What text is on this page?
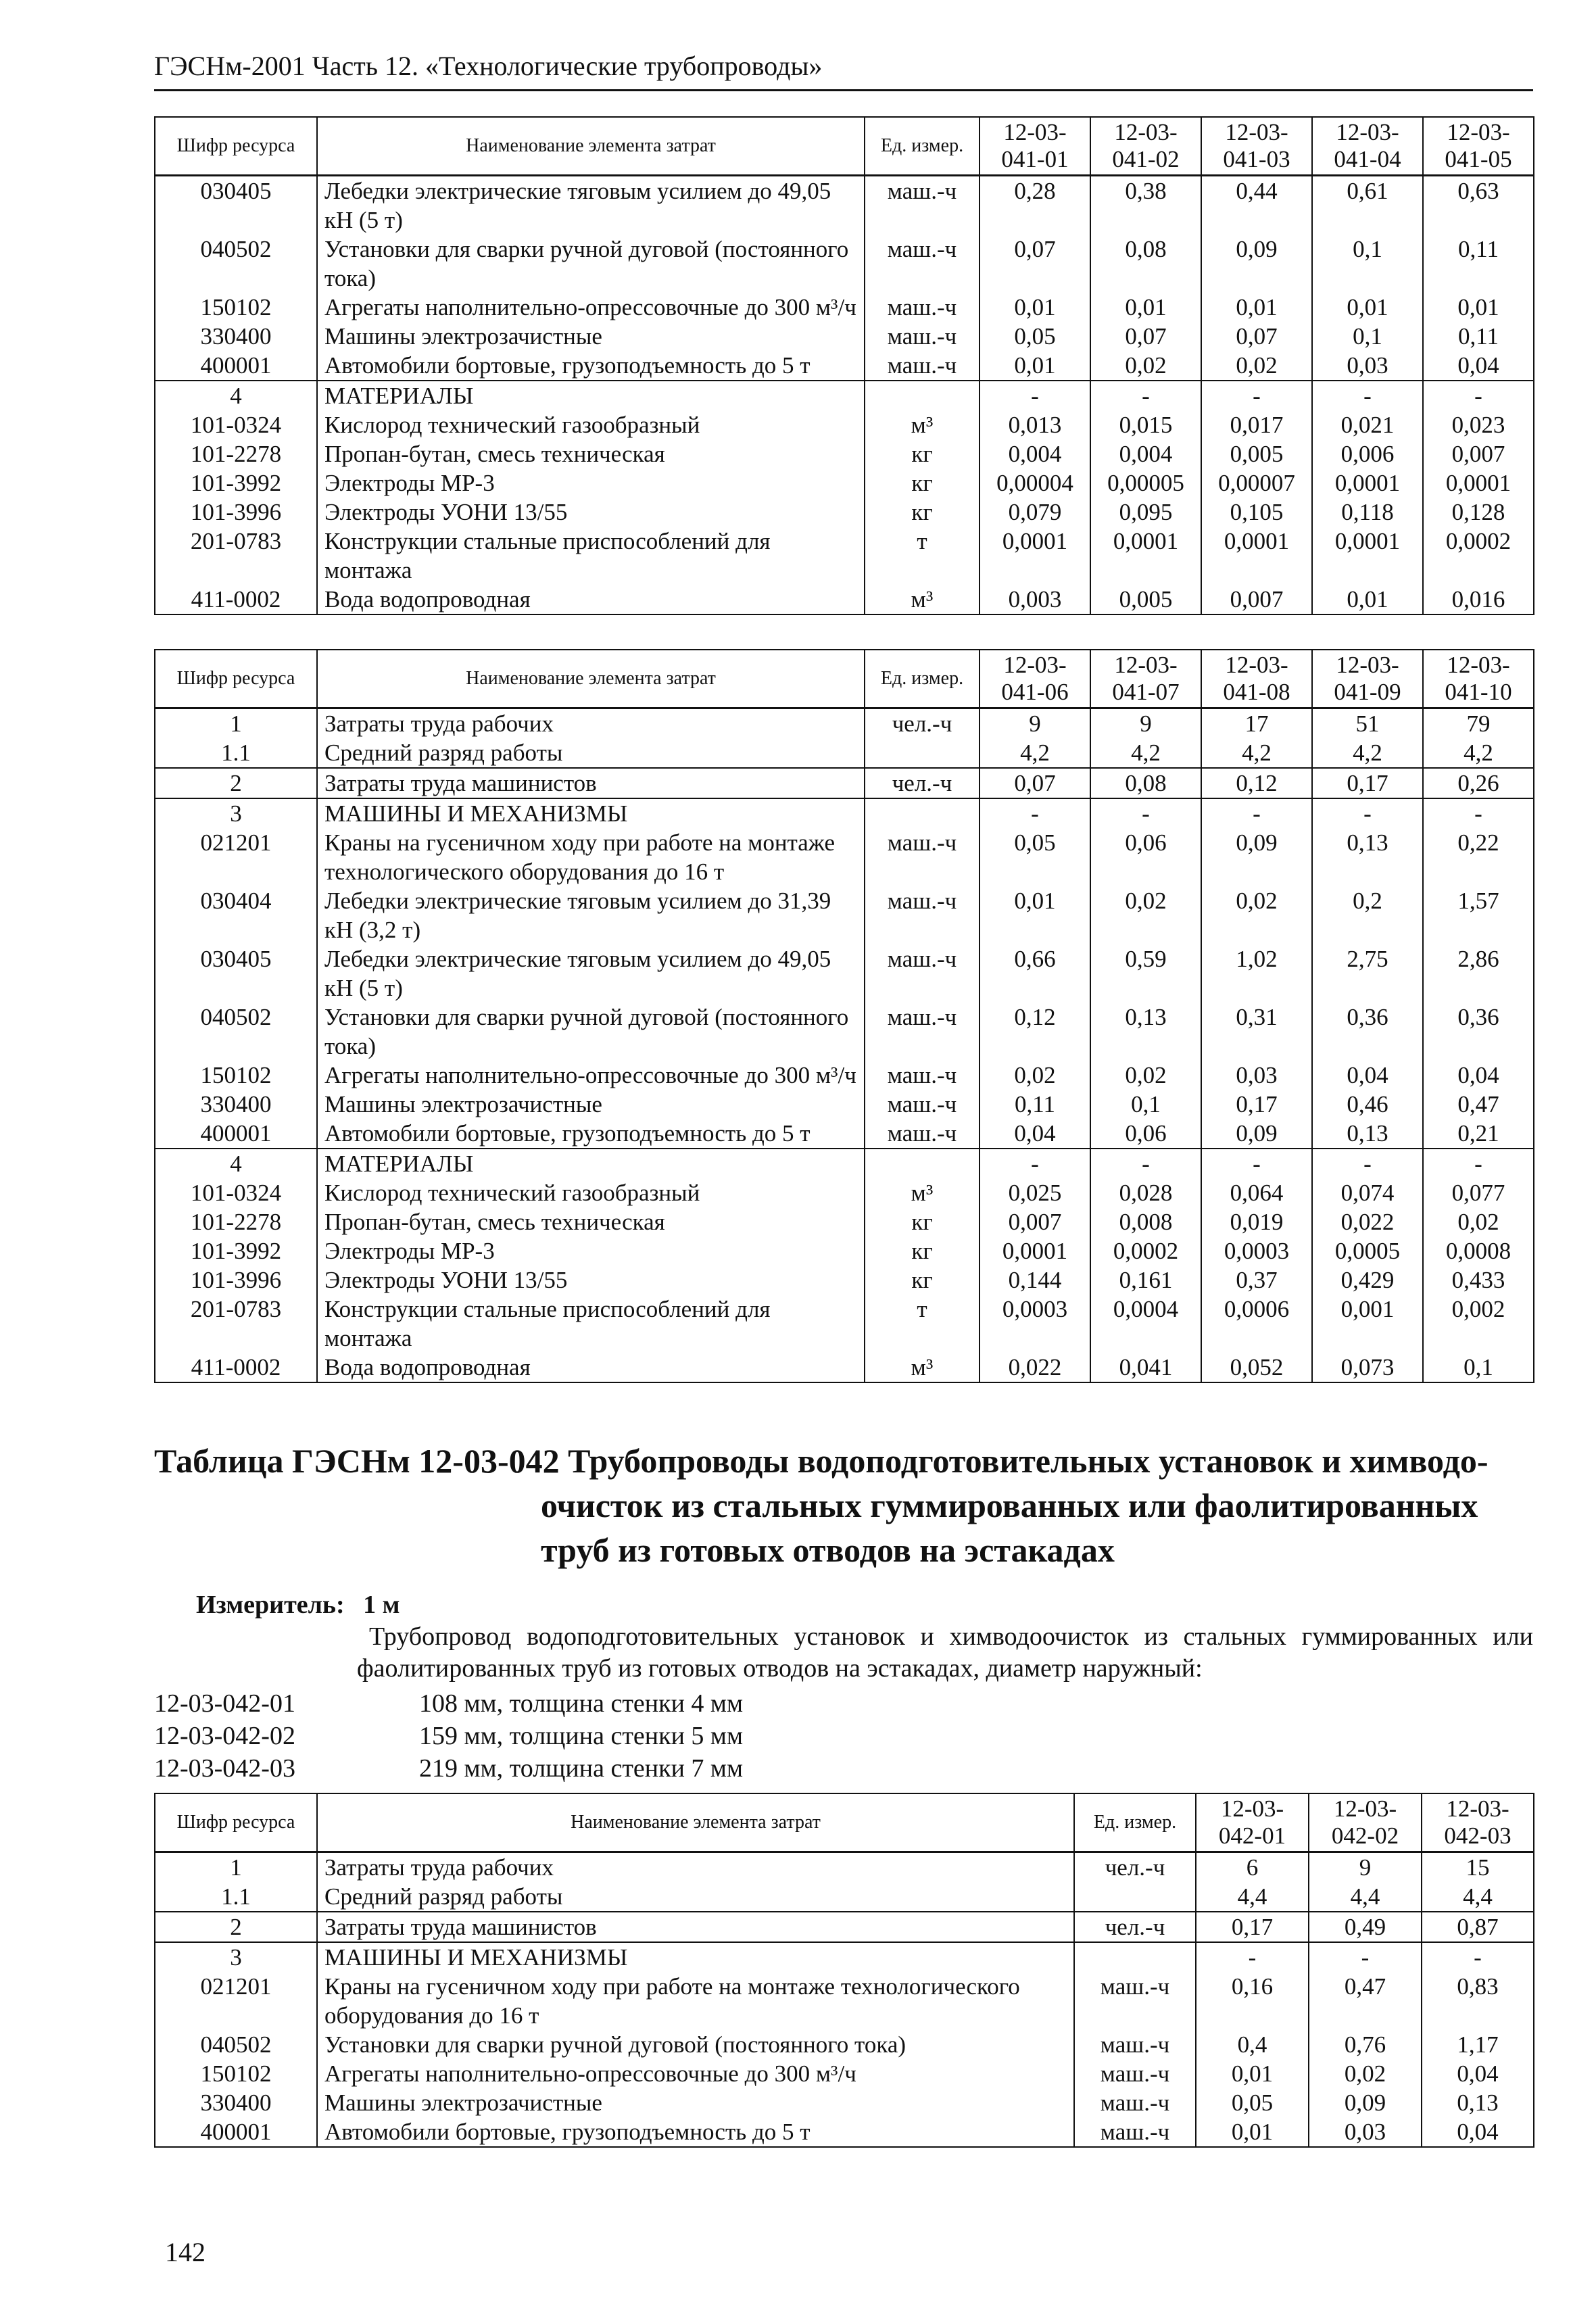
ГЭСНм-2001 Часть 12. «Технологические трубопроводы»
Шифр ресурса	Наименование элемента затрат	Ед. измер.	12-03-041-01	12-03-041-02	12-03-041-03	12-03-041-04	12-03-041-05
030405	Лебедки электрические тяговым усилием до 49,05 кН (5 т)	маш.-ч	0,28	0,38	0,44	0,61	0,63
040502	Установки для сварки ручной дуговой (постоянного тока)	маш.-ч	0,07	0,08	0,09	0,1	0,11
150102	Агрегаты наполнительно-опрессовочные до 300 м³/ч	маш.-ч	0,01	0,01	0,01	0,01	0,01
330400	Машины электрозачистные	маш.-ч	0,05	0,07	0,07	0,1	0,11
400001	Автомобили бортовые, грузоподъемность до 5 т	маш.-ч	0,01	0,02	0,02	0,03	0,04
4	МАТЕРИАЛЫ		-	-	-	-	-
101-0324	Кислород технический газообразный	м³	0,013	0,015	0,017	0,021	0,023
101-2278	Пропан-бутан, смесь техническая	кг	0,004	0,004	0,005	0,006	0,007
101-3992	Электроды МР-3	кг	0,00004	0,00005	0,00007	0,0001	0,0001
101-3996	Электроды УОНИ 13/55	кг	0,079	0,095	0,105	0,118	0,128
201-0783	Конструкции стальные приспособлений для монтажа	т	0,0001	0,0001	0,0001	0,0001	0,0002
411-0002	Вода водопроводная	м³	0,003	0,005	0,007	0,01	0,016
Шифр ресурса	Наименование элемента затрат	Ед. измер.	12-03-041-06	12-03-041-07	12-03-041-08	12-03-041-09	12-03-041-10
1	Затраты труда рабочих	чел.-ч	9	9	17	51	79
1.1	Средний разряд работы		4,2	4,2	4,2	4,2	4,2
2	Затраты труда машинистов	чел.-ч	0,07	0,08	0,12	0,17	0,26
3	МАШИНЫ И МЕХАНИЗМЫ		-	-	-	-	-
021201	Краны на гусеничном ходу при работе на монтаже технологического оборудования до 16 т	маш.-ч	0,05	0,06	0,09	0,13	0,22
030404	Лебедки электрические тяговым усилием до 31,39 кН (3,2 т)	маш.-ч	0,01	0,02	0,02	0,2	1,57
030405	Лебедки электрические тяговым усилием до 49,05 кН (5 т)	маш.-ч	0,66	0,59	1,02	2,75	2,86
040502	Установки для сварки ручной дуговой (постоянного тока)	маш.-ч	0,12	0,13	0,31	0,36	0,36
150102	Агрегаты наполнительно-опрессовочные до 300 м³/ч	маш.-ч	0,02	0,02	0,03	0,04	0,04
330400	Машины электрозачистные	маш.-ч	0,11	0,1	0,17	0,46	0,47
400001	Автомобили бортовые, грузоподъемность до 5 т	маш.-ч	0,04	0,06	0,09	0,13	0,21
4	МАТЕРИАЛЫ		-	-	-	-	-
101-0324	Кислород технический газообразный	м³	0,025	0,028	0,064	0,074	0,077
101-2278	Пропан-бутан, смесь техническая	кг	0,007	0,008	0,019	0,022	0,02
101-3992	Электроды МР-3	кг	0,0001	0,0002	0,0003	0,0005	0,0008
101-3996	Электроды УОНИ 13/55	кг	0,144	0,161	0,37	0,429	0,433
201-0783	Конструкции стальные приспособлений для монтажа	т	0,0003	0,0004	0,0006	0,001	0,002
411-0002	Вода водопроводная	м³	0,022	0,041	0,052	0,073	0,1
Таблица ГЭСНм 12-03-042 Трубопроводы водоподготовительных установок и химводо-
очисток из стальных гуммированных или фаолитированных
труб из готовых отводов на эстакадах
Измеритель: 1 м
Трубопровод водоподготовительных установок и химводоочисток из стальных гуммированных или фаолитированных труб из готовых отводов на эстакадах, диаметр наружный:
12-03-042-01	108 мм, толщина стенки 4 мм
12-03-042-02	159 мм, толщина стенки 5 мм
12-03-042-03	219 мм, толщина стенки 7 мм
Шифр ресурса	Наименование элемента затрат	Ед. измер.	12-03-042-01	12-03-042-02	12-03-042-03
1	Затраты труда рабочих	чел.-ч	6	9	15
1.1	Средний разряд работы		4,4	4,4	4,4
2	Затраты труда машинистов	чел.-ч	0,17	0,49	0,87
3	МАШИНЫ И МЕХАНИЗМЫ		-	-	-
021201	Краны на гусеничном ходу при работе на монтаже технологического оборудования до 16 т	маш.-ч	0,16	0,47	0,83
040502	Установки для сварки ручной дуговой (постоянного тока)	маш.-ч	0,4	0,76	1,17
150102	Агрегаты наполнительно-опрессовочные до 300 м³/ч	маш.-ч	0,01	0,02	0,04
330400	Машины электрозачистные	маш.-ч	0,05	0,09	0,13
400001	Автомобили бортовые, грузоподъемность до 5 т	маш.-ч	0,01	0,03	0,04
142
